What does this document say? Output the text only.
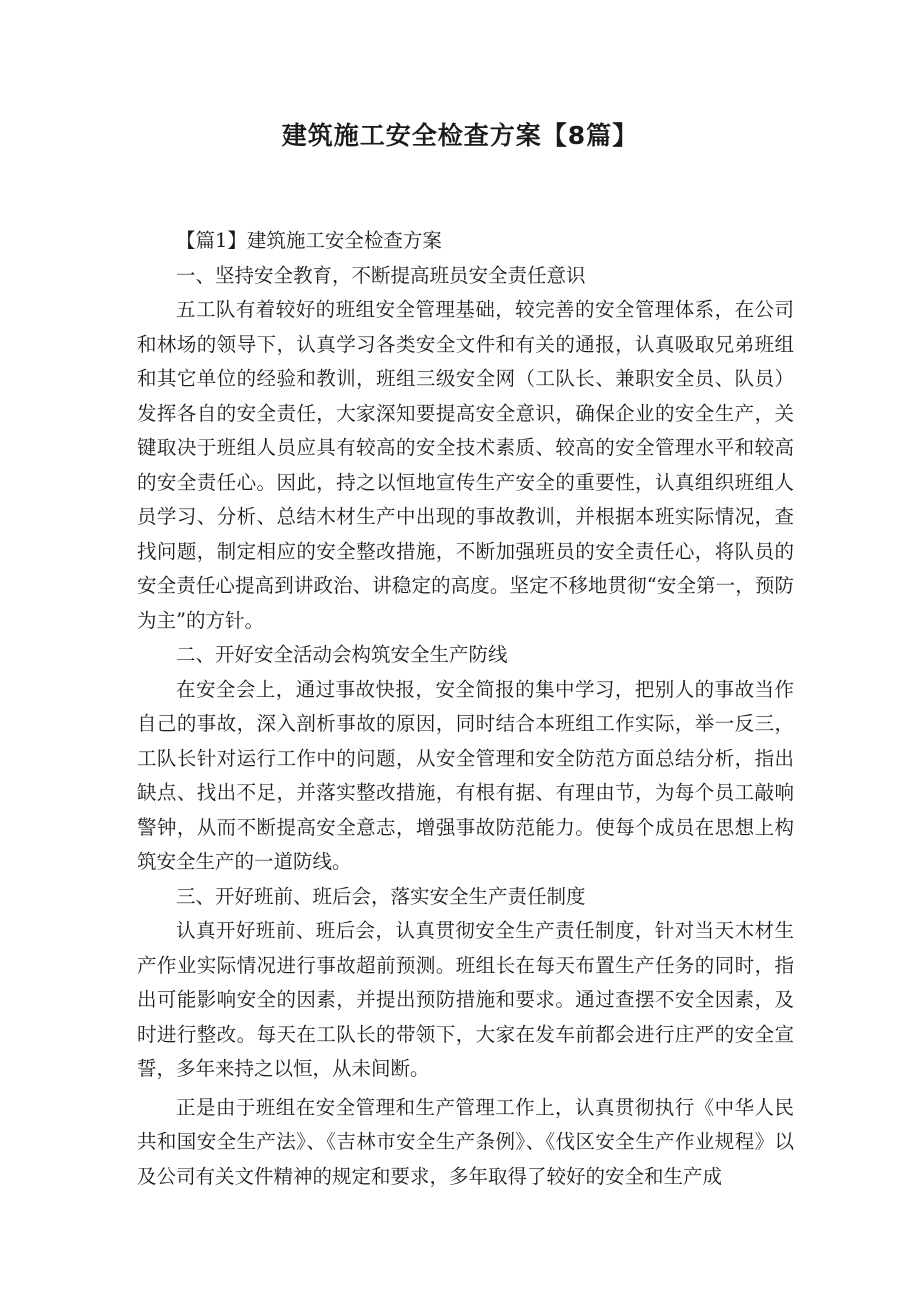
建筑施工安全检查方案【8篇】

【篇1】建筑施工安全检查方案

一、坚持安全教育，不断提高班员安全责任意识

五工队有着较好的班组安全管理基础，较完善的安全管理体系，在公司和林场的领导下，认真学习各类安全文件和有关的通报，认真吸取兄弟班组和其它单位的经验和教训，班组三级安全网（工队长、兼职安全员、队员）发挥各自的安全责任，大家深知要提高安全意识，确保企业的安全生产，关键取决于班组人员应具有较高的安全技术素质、较高的安全管理水平和较高的安全责任心。因此，持之以恒地宣传生产安全的重要性，认真组织班组人员学习、分析、总结木材生产中出现的事故教训，并根据本班实际情况，查找问题，制定相应的安全整改措施，不断加强班员的安全责任心，将队员的安全责任心提高到讲政治、讲稳定的高度。坚定不移地贯彻“安全第一，预防为主”的方针。

二、开好安全活动会构筑安全生产防线

在安全会上，通过事故快报，安全简报的集中学习，把别人的事故当作自己的事故，深入剖析事故的原因，同时结合本班组工作实际，举一反三，工队长针对运行工作中的问题，从安全管理和安全防范方面总结分析，指出缺点、找出不足，并落实整改措施，有根有据、有理由节，为每个员工敲响警钟，从而不断提高安全意志，增强事故防范能力。使每个成员在思想上构筑安全生产的一道防线。

三、开好班前、班后会，落实安全生产责任制度

认真开好班前、班后会，认真贯彻安全生产责任制度，针对当天木材生产作业实际情况进行事故超前预测。班组长在每天布置生产任务的同时，指出可能影响安全的因素，并提出预防措施和要求。通过查摆不安全因素，及时进行整改。每天在工队长的带领下，大家在发车前都会进行庄严的安全宣誓，多年来持之以恒，从未间断。

正是由于班组在安全管理和生产管理工作上，认真贯彻执行《中华人民共和国安全生产法》、《吉林市安全生产条例》、《伐区安全生产作业规程》以及公司有关文件精神的规定和要求，多年取得了较好的安全和生产成
